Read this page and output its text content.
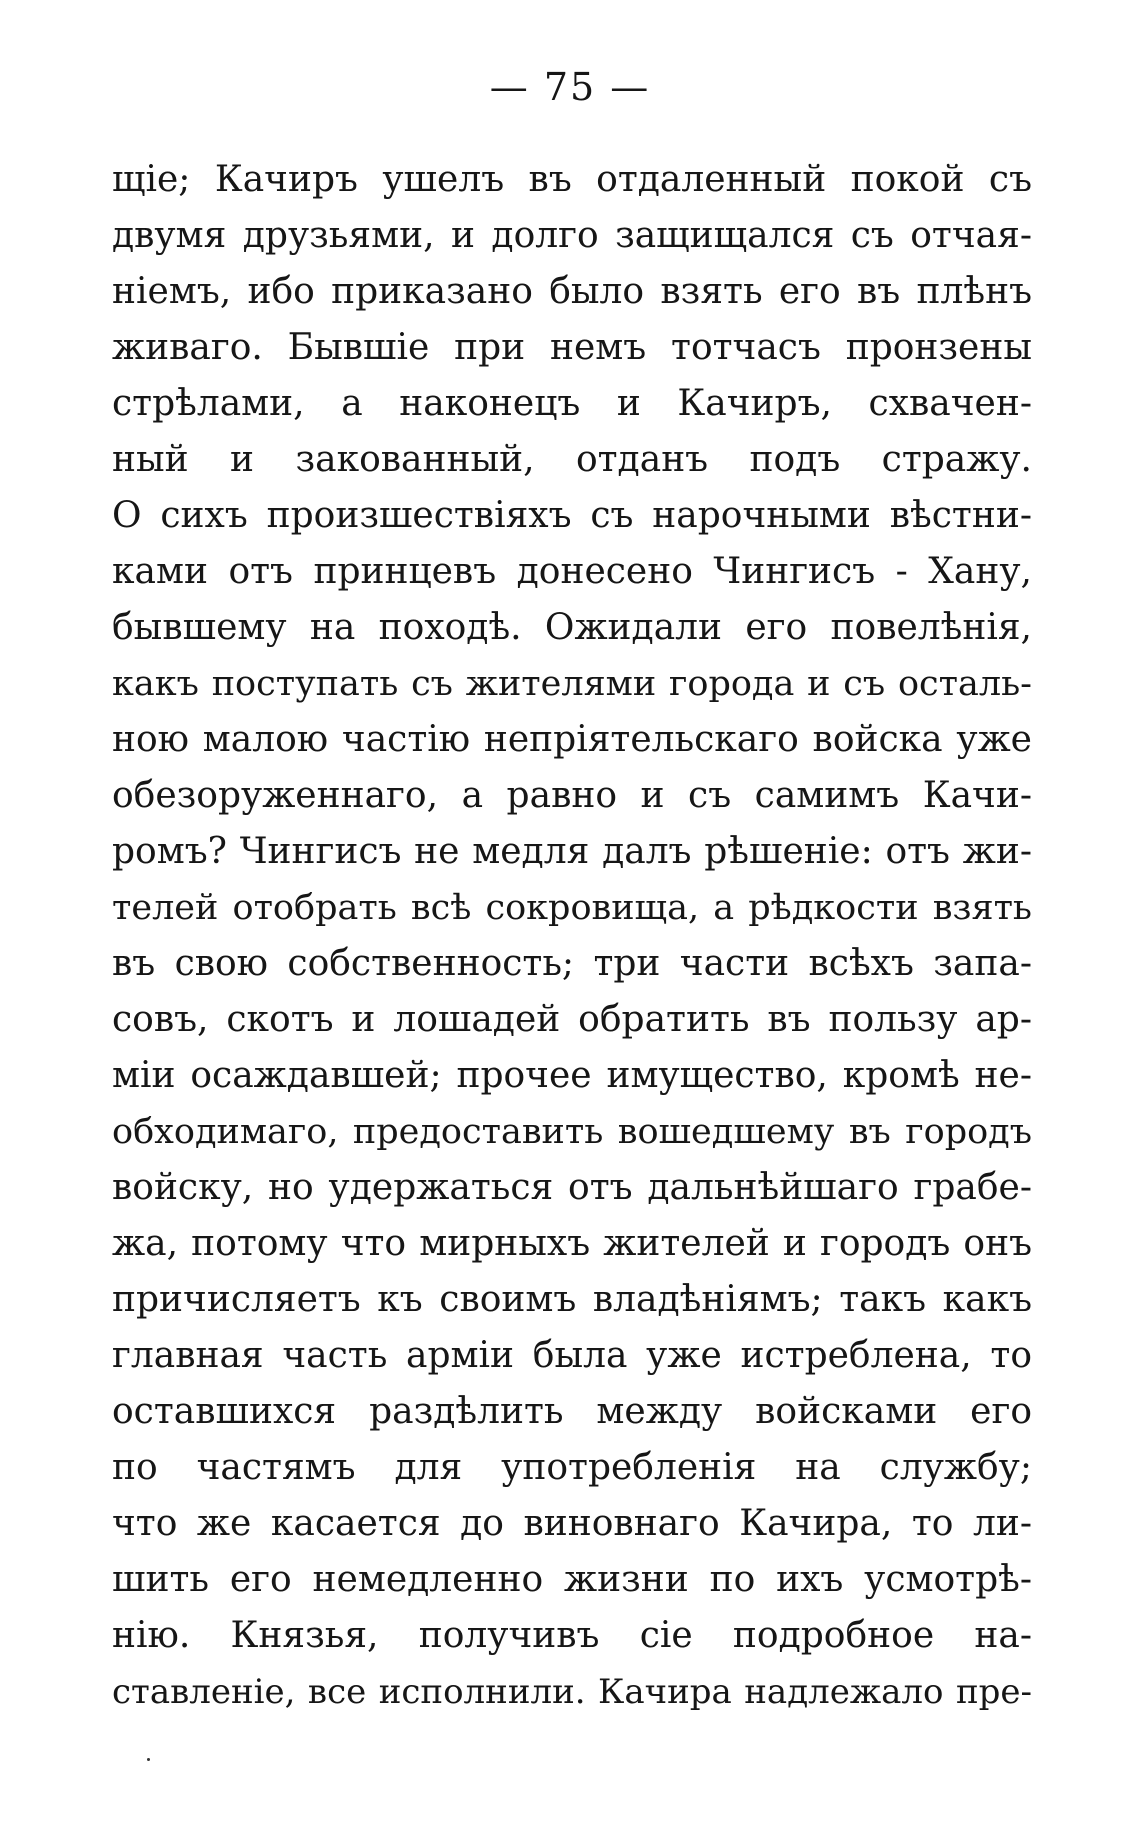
— 75 —
щіе; Качиръ ушелъ въ отдаленный покой съ
двумя друзьями, и долго защищался съ отчая-
ніемъ, ибо приказано было взять его въ плѣнъ
живаго. Бывшіе при немъ тотчасъ пронзены
стрѣлами, а наконецъ и Качиръ, схвачен-
ный и закованный, отданъ подъ стражу.
О сихъ произшествіяхъ съ нарочными вѣстни-
ками отъ принцевъ донесено Чингисъ - Хану,
бывшему на походѣ. Ожидали его повелѣнія,
какъ поступать съ жителями города и съ осталь-
ною малою частію непріятельскаго войска уже
обезоруженнаго, а равно и съ самимъ Качи-
ромъ? Чингисъ не медля далъ рѣшеніе: отъ жи-
телей отобрать всѣ сокровища, а рѣдкости взять
въ свою собственность; три части всѣхъ запа-
совъ, скотъ и лошадей обратить въ пользу ар-
міи осаждавшей; прочее имущество, кромѣ не-
обходимаго, предоставить вошедшему въ городъ
войску, но удержаться отъ дальнѣйшаго грабе-
жа, потому что мирныхъ жителей и городъ онъ
причисляетъ къ своимъ владѣніямъ; такъ какъ
главная часть арміи была уже истреблена, то
оставшихся раздѣлить между войсками его
по частямъ для употребленія на службу;
что же касается до виновнаго Качира, то ли-
шить его немедленно жизни по ихъ усмотрѣ-
нію. Князья, получивъ сіе подробное на-
ставленіе, все исполнили. Качира надлежало пре-
